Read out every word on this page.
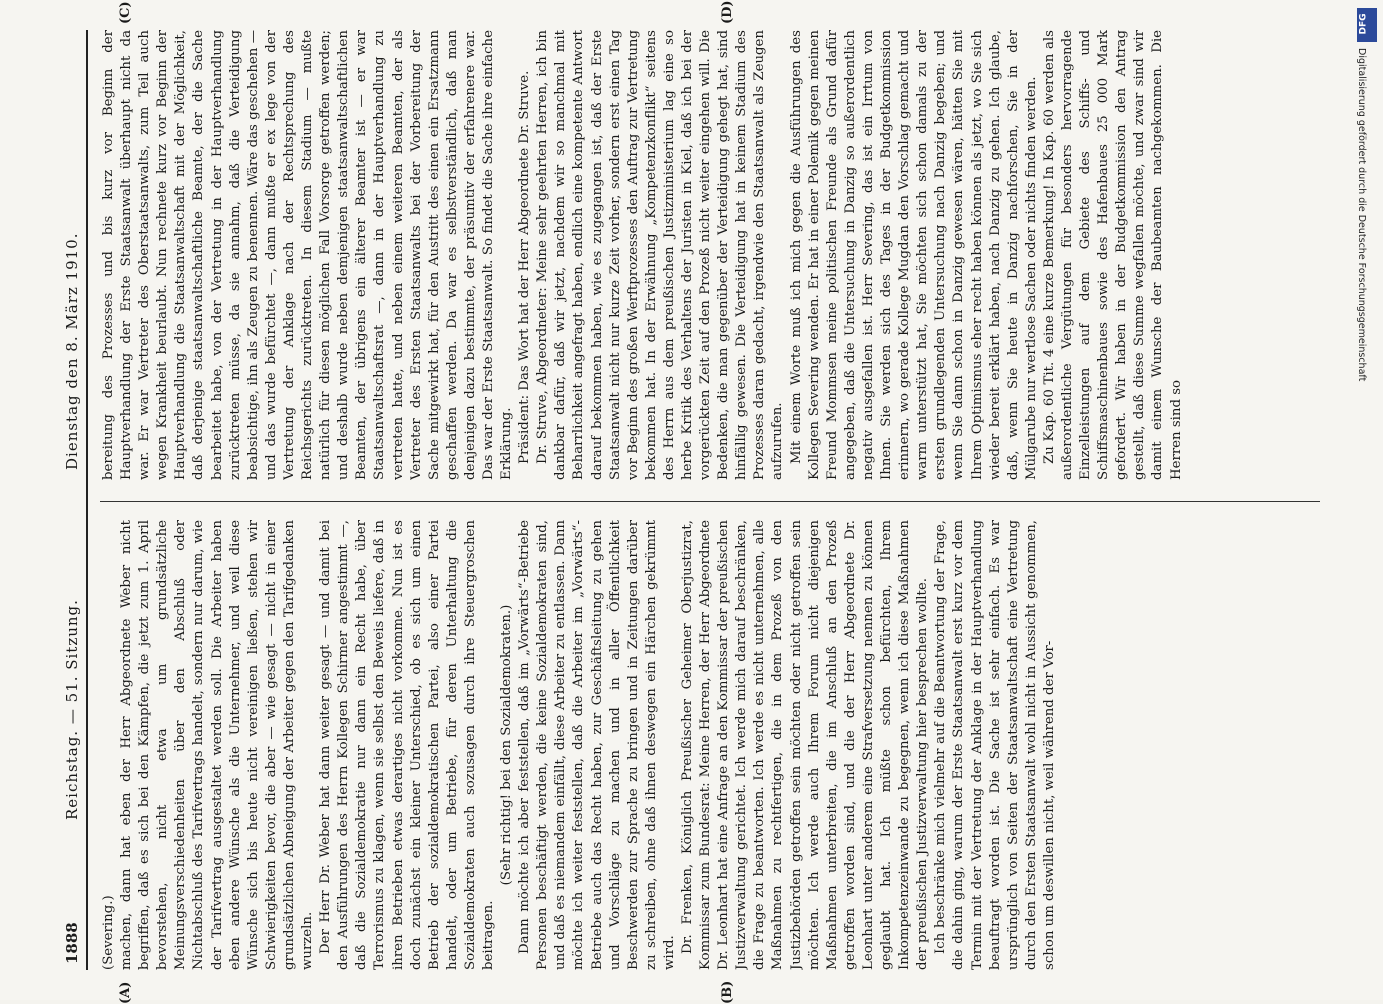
1888
Reichstag. — 51. Sitzung.
Dienstag den 8. März 1910.

(Severing.) machen, dann hat eben der Herr Abgeordnete Weber nicht begriffen, daß es sich bei den Kämpfen, die jetzt zum 1. April bevorstehen, nicht etwa um grundsätzliche Meinungsverschiedenheiten über den Abschluß oder Nichtabschluß des Tarifvertrags handelt, sondern nur darum, wie der Tarifvertrag ausgestaltet werden soll. Die Arbeiter haben eben andere Wünsche als die Unternehmer, und weil diese Wünsche sich bis heute nicht vereinigen ließen, stehen wir Schwierigkeiten bevor, die aber — wie gesagt — nicht in einer grundsätzlichen Abneigung der Arbeiter gegen den Tarifgedanken wurzeln. Der Herr Dr. Weber hat dann weiter gesagt — und damit bei den Ausführungen des Herrn Kollegen Schirmer angestimmt —, daß die Sozialdemokratie nur dann ein Recht habe, über Terrorismus zu klagen, wenn sie selbst den Beweis liefere, daß in ihren Betrieben etwas derartiges nicht vorkomme. Nun ist es doch zunächst ein kleiner Unterschied, ob es sich um einen Betrieb der sozialdemokratischen Partei, also einer Partei handelt, oder um Betriebe, für deren Unterhaltung die Sozialdemokraten auch sozusagen durch ihre Steuergroschen beitragen.

(Sehr richtig! bei den Sozialdemokraten.) Dann möchte ich aber feststellen, daß im „Vorwärts“-Betriebe Personen beschäftigt werden, die keine Sozialdemokraten sind, und daß es niemandem einfällt, diese Arbeiter zu entlassen. Dann möchte ich weiter feststellen, daß die Arbeiter im „Vorwärts“-Betriebe auch das Recht haben, zur Geschäftsleitung zu gehen und Vorschläge zu machen und in aller Öffentlichkeit Beschwerden zur Sprache zu bringen und in Zeitungen darüber zu schreiben, ohne daß ihnen deswegen ein Härchen gekrümmt wird. Dr. Frenken, Königlich Preußischer Geheimer Oberjustizrat, Kommissar zum Bundesrat: Meine Herren, der Herr Abgeordnete Dr. Leonhart hat eine Anfrage an den Kommissar der preußischen Justizverwaltung gerichtet. Ich werde mich darauf beschränken, die Frage zu beantworten. Ich werde es nicht unternehmen, alle Maßnahmen zu rechtfertigen, die in dem Prozeß von den Justizbehörden getroffen sein möchten oder nicht getroffen sein möchten. Ich werde auch Ihrem Forum nicht diejenigen Maßnahmen unterbreiten, die im Anschluß an den Prozeß getroffen worden sind, und die der Herr Abgeordnete Dr. Leonhart unter anderem eine Strafversetzung nennen zu können geglaubt hat. Ich müßte schon befürchten, Ihrem Inkompetenzeinwande zu begegnen, wenn ich diese Maßnahmen der preußischen Justizverwaltung hier besprechen wollte. Ich beschränke mich vielmehr auf die Beantwortung der Frage, die dahin ging, warum der Erste Staatsanwalt erst kurz vor dem Termin mit der Vertretung der Anklage in der Hauptverhandlung beauftragt worden ist. Die Sache ist sehr einfach. Es war ursprünglich von Seiten der Staatsanwaltschaft eine Vertretung durch den Ersten Staatsanwalt wohl nicht in Aussicht genommen, schon um deswillen nicht, weil während der Vor-

bereitung des Prozesses und bis kurz vor Beginn der Hauptverhandlung der Erste Staatsanwalt überhaupt nicht da war. Er war Vertreter des Oberstaatsanwalts, zum Teil auch wegen Krankheit beurlaubt. Nun rechnete kurz vor Beginn der Hauptverhandlung die Staatsanwaltschaft mit der Möglichkeit, daß derjenige staatsanwaltschaftliche Beamte, der die Sache bearbeitet habe, von der Vertretung in der Hauptverhandlung zurücktreten müsse, da sie annahm, daß die Verteidigung beabsichtige, ihn als Zeugen zu benennen. Wäre das geschehen — und das wurde befürchtet —, dann mußte er ex lege von der Vertretung der Anklage nach der Rechtsprechung des Reichsgerichts zurücktreten. In diesem Stadium — mußte natürlich für diesen möglichen Fall Vorsorge getroffen werden; und deshalb wurde neben demjenigen staatsanwaltschaftlichen Beamten, der übrigens ein älterer Beamter ist — er war Staatsanwaltschaftsrat —, dann in der Hauptverhandlung zu vertreten hatte, und neben einem weiteren Beamten, der als Vertreter des Ersten Staatsanwalts bei der Vorbereitung der Sache mitgewirkt hat, für den Austritt des einen ein Ersatzmann geschaffen werden. Da war es selbstverständlich, daß man denjenigen dazu bestimmte, der präsumtiv der erfahrenere war. Das war der Erste Staatsanwalt. So findet die Sache ihre einfache Erklärung. Präsident: Das Wort hat der Herr Abgeordnete Dr. Struve. Dr. Struve, Abgeordneter: Meine sehr geehrten Herren, ich bin dankbar dafür, daß wir jetzt, nachdem wir so manchmal mit Beharrlichkeit angefragt haben, endlich eine kompetente Antwort darauf bekommen haben, wie es zugegangen ist, daß der Erste Staatsanwalt nicht nur kurze Zeit vorher, sondern erst einen Tag vor Beginn des großen Werftprozesses den Auftrag zur Vertretung bekommen hat. In der Erwähnung „Kompetenzkonflikt“ seitens des Herrn aus dem preußischen Justizministerium lag eine so herbe Kritik des Verhaltens der Juristen in Kiel, daß ich bei der vorgerückten Zeit auf den Prozeß nicht weiter eingehen will. Die Bedenken, die man gegenüber der Verteidigung gehegt hat, sind hinfällig gewesen. Die Verteidigung hat in keinem Stadium des Prozesses daran gedacht, irgendwie den Staatsanwalt als Zeugen aufzurufen. Mit einem Worte muß ich mich gegen die Ausführungen des Kollegen Severing wenden. Er hat in einer Polemik gegen meinen Freund Mommsen meine politischen Freunde als Grund dafür angegeben, daß die Untersuchung in Danzig so außerordentlich negativ ausgefallen ist. Herr Severing, das ist ein Irrtum von Ihnen. Sie werden sich des Tages in der Budgetkommission erinnern, wo gerade Kollege Mugdan den Vorschlag gemacht und warm unterstützt hat, Sie möchten sich schon damals zu der ersten grundlegenden Untersuchung nach Danzig begeben; und wenn Sie dann schon in Danzig gewesen wären, hätten Sie mit Ihrem Optimismus eher recht haben können als jetzt, wo Sie sich wieder bereit erklärt haben, nach Danzig zu gehen. Ich glaube, daß, wenn Sie heute in Danzig nachforschen, Sie in der Mülgarube nur wertlose Sachen oder nichts finden werden. Zu Kap. 60 Tit. 4 eine kurze Bemerkung! In Kap. 60 werden als außerordentliche Vergütungen für besonders hervorragende Einzelleistungen auf dem Gebiete des Schiffs- und Schiffsmaschinenbaues sowie des Hafenbaues 25 000 Mark gefordert. Wir haben in der Budgetkommission den Antrag gestellt, daß diese Summe wegfallen möchte, und zwar sind wir damit einem Wunsche der Baubeamten nachgekommen. Die Herren sind so

(A)	(B)
(C)	(D)	DFG
Digitalisierung gefördert durch die Deutsche Forschungsgemeinschaft
